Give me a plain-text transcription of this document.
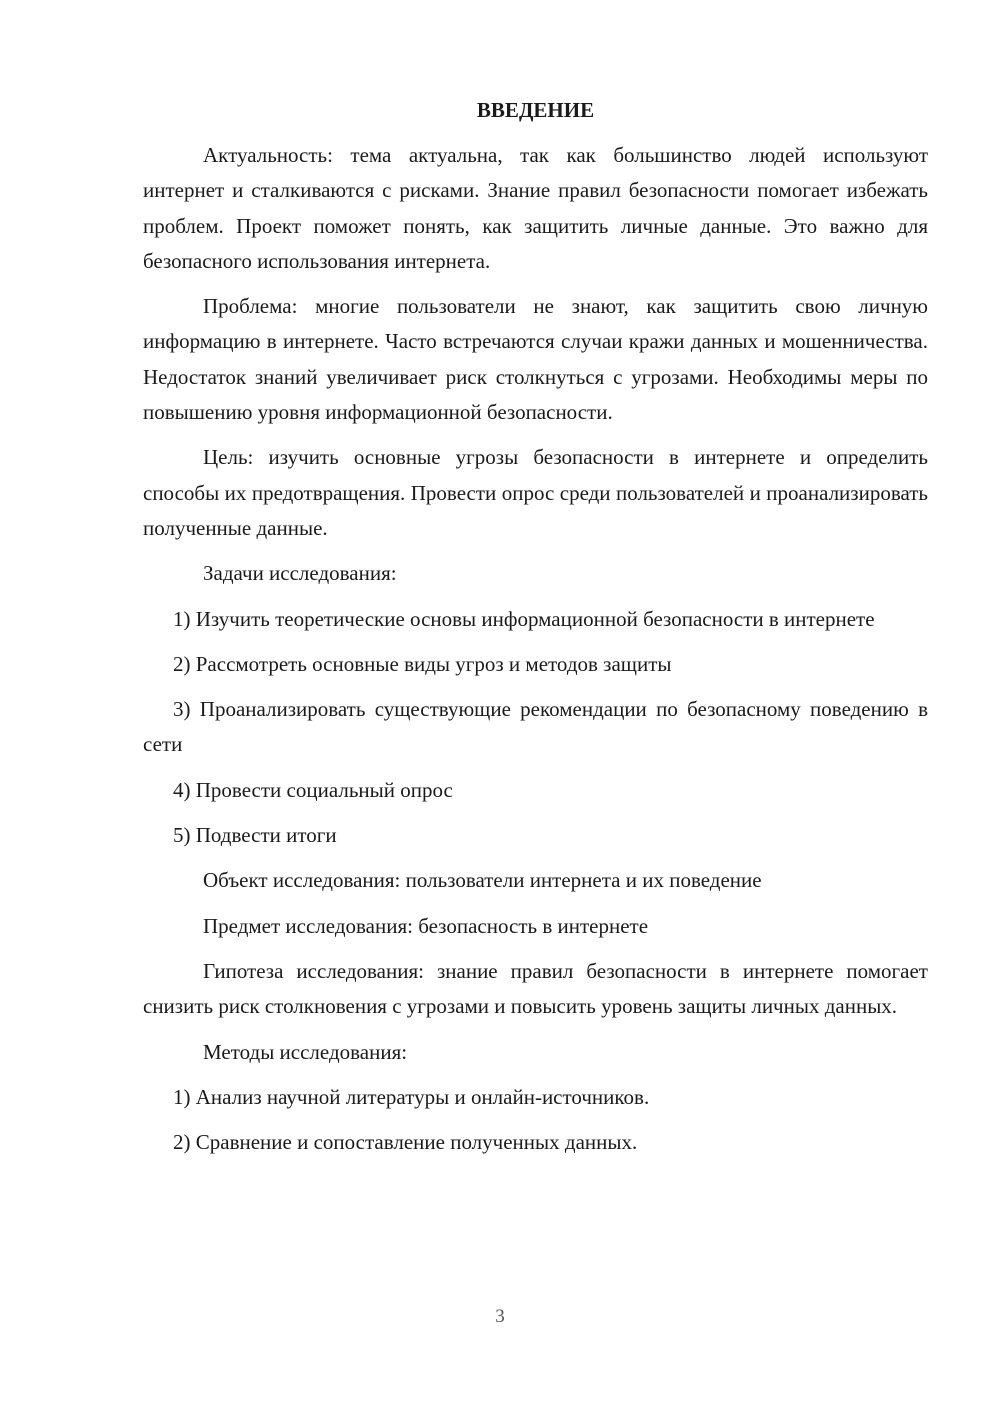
ВВЕДЕНИЕ
Актуальность: тема актуальна, так как большинство людей используют интернет и сталкиваются с рисками. Знание правил безопасности помогает избежать проблем. Проект поможет понять, как защитить личные данные. Это важно для безопасного использования интернета.
Проблема: многие пользователи не знают, как защитить свою личную информацию в интернете. Часто встречаются случаи кражи данных и мошенничества. Недостаток знаний увеличивает риск столкнуться с угрозами. Необходимы меры по повышению уровня информационной безопасности.
Цель: изучить основные угрозы безопасности в интернете и определить способы их предотвращения. Провести опрос среди пользователей и проанализировать полученные данные.
Задачи исследования:
1) Изучить теоретические основы информационной безопасности в интернете
2) Рассмотреть основные виды угроз и методов защиты
3) Проанализировать существующие рекомендации по безопасному поведению в сети
4) Провести социальный опрос
5) Подвести итоги
Объект исследования: пользователи интернета и их поведение
Предмет исследования: безопасность в интернете
Гипотеза исследования: знание правил безопасности в интернете помогает снизить риск столкновения с угрозами и повысить уровень защиты личных данных.
Методы исследования:
1) Анализ научной литературы и онлайн-источников.
2) Сравнение и сопоставление полученных данных.
3
